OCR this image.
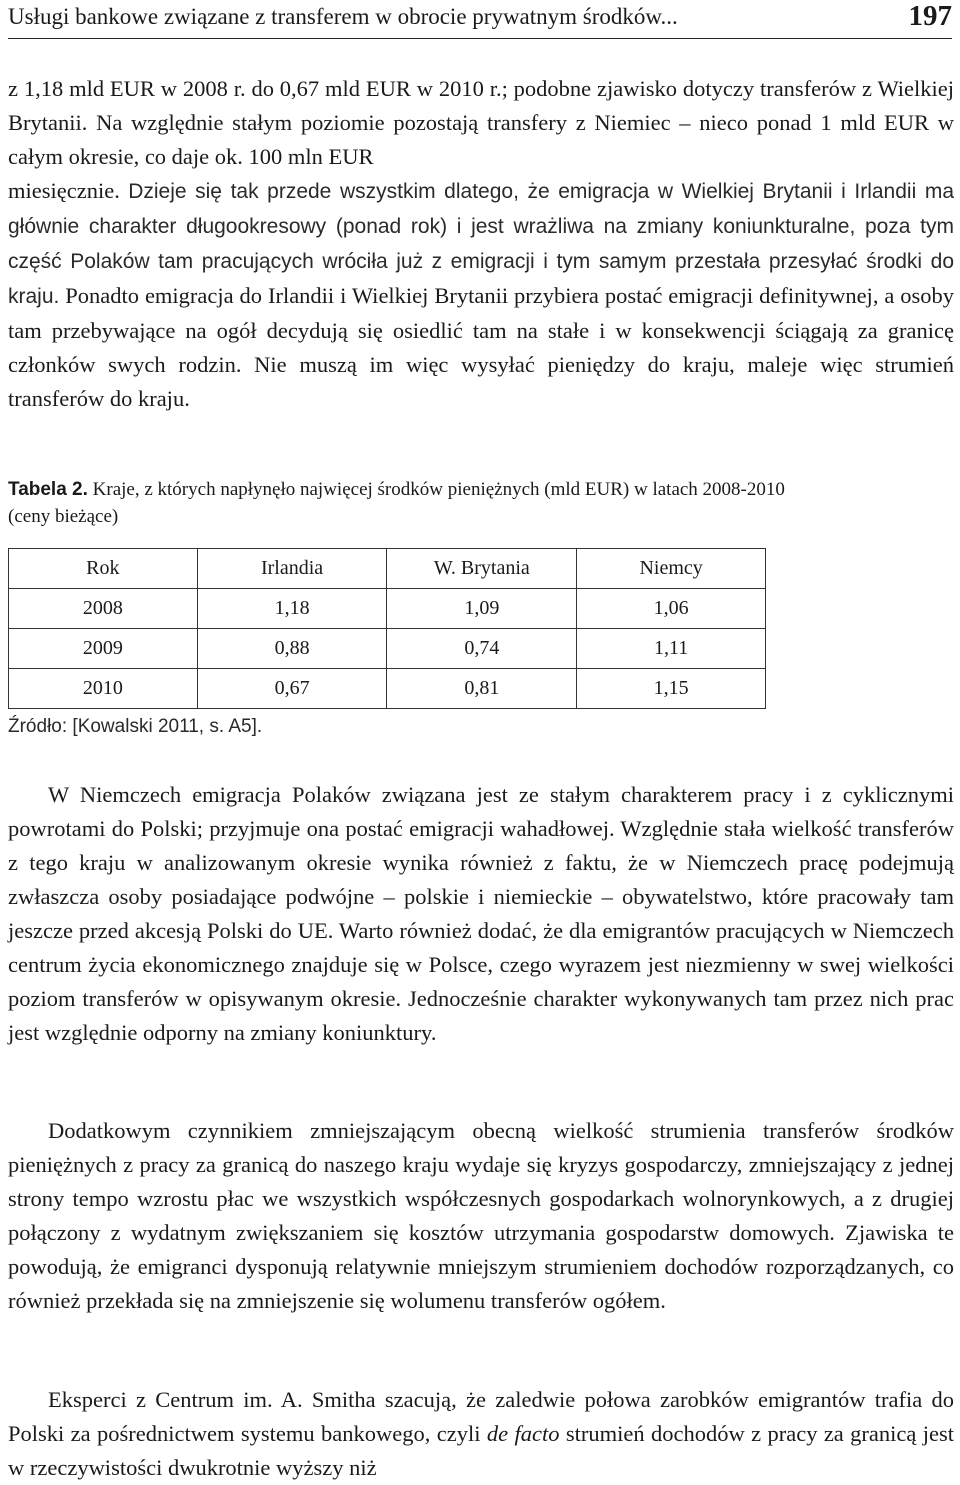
Usługi bankowe związane z transferem w obrocie prywatnym środków...	197

z 1,18 mld EUR w 2008 r. do 0,67 mld EUR w 2010 r.; podobne zjawisko dotyczy transferów z Wielkiej Brytanii. Na względnie stałym poziomie pozostają transfery z Niemiec – nieco ponad 1 mld EUR w całym okresie, co daje ok. 100 mln EUR

miesięcznie. Dzieje się tak przede wszystkim dlatego, że emigracja w Wielkiej Brytanii i Irlandii ma głównie charakter długookresowy (ponad rok) i jest wrażliwa na zmiany koniunkturalne, poza tym część Polaków tam pracujących wróciła już z emigracji i tym samym przestała przesyłać środki do kraju. Ponadto emigracja do Irlandii i Wielkiej Brytanii przybiera postać emigracji definitywnej, a osoby tam przebywające na ogół decydują się osiedlić tam na stałe i w konsekwencji ściągają za granicę członków swych rodzin. Nie muszą im więc wysyłać pieniędzy do kraju, maleje więc strumień transferów do kraju.

Tabela 2. Kraje, z których napłynęło najwięcej środków pieniężnych (mld EUR) w latach 2008-2010 (ceny bieżące)
Rok	Irlandia	W. Brytania	Niemcy
2008	1,18	1,09	1,06
2009	0,88	0,74	1,11
2010	0,67	0,81	1,15
Źródło: [Kowalski 2011, s. A5].

W Niemczech emigracja Polaków związana jest ze stałym charakterem pracy i z cyklicznymi powrotami do Polski; przyjmuje ona postać emigracji wahadłowej. Względnie stała wielkość transferów z tego kraju w analizowanym okresie wynika również z faktu, że w Niemczech pracę podejmują zwłaszcza osoby posiadające podwójne – polskie i niemieckie – obywatelstwo, które pracowały tam jeszcze przed akcesją Polski do UE. Warto również dodać, że dla emigrantów pracujących w Niemczech centrum życia ekonomicznego znajduje się w Polsce, czego wyrazem jest niezmienny w swej wielkości poziom transferów w opisywanym okresie. Jednocześnie charakter wykonywanych tam przez nich prac jest względnie odporny na zmiany koniunktury.

Dodatkowym czynnikiem zmniejszającym obecną wielkość strumienia transferów środków pieniężnych z pracy za granicą do naszego kraju wydaje się kryzys gospodarczy, zmniejszający z jednej strony tempo wzrostu płac we wszystkich współczesnych gospodarkach wolnorynkowych, a z drugiej połączony z wydatnym zwiększaniem się kosztów utrzymania gospodarstw domowych. Zjawiska te powodują, że emigranci dysponują relatywnie mniejszym strumieniem dochodów rozporządzanych, co również przekłada się na zmniejszenie się wolumenu transferów ogółem.

Eksperci z Centrum im. A. Smitha szacują, że zaledwie połowa zarobków emigrantów trafia do Polski za pośrednictwem systemu bankowego, czyli de facto strumień dochodów z pracy za granicą jest w rzeczywistości dwukrotnie wyższy niż
